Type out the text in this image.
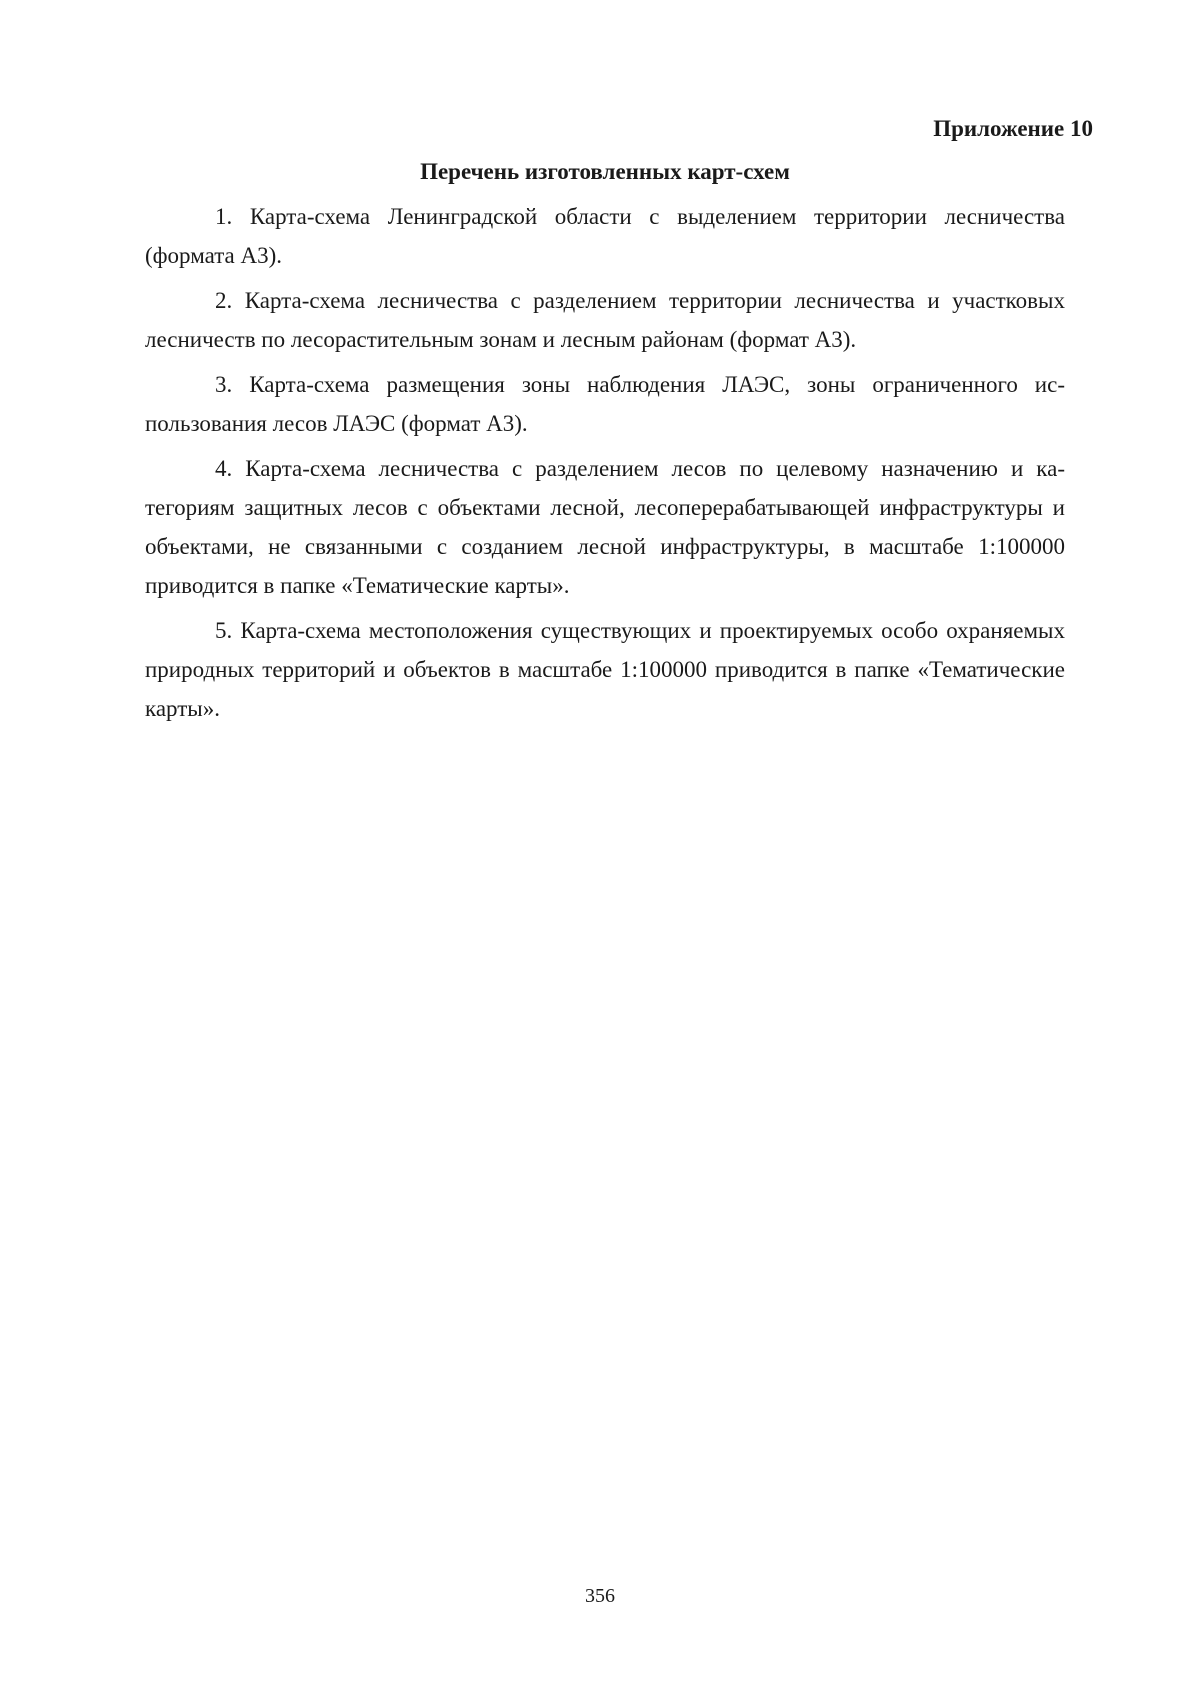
Приложение 10

Перечень изготовленных карт-схем

1. Карта-схема Ленинградской области с выделением территории лесничества (формата А3).

2. Карта-схема лесничества с разделением территории лесничества и участковых лесничеств по лесорастительным зонам и лесным районам (формат А3).

3. Карта-схема размещения зоны наблюдения ЛАЭС, зоны ограниченного использования лесов ЛАЭС (формат А3).

4. Карта-схема лесничества с разделением лесов по целевому назначению и категориям защитных лесов с объектами лесной, лесоперерабатывающей инфраструктуры и объектами, не связанными с созданием лесной инфраструктуры, в масштабе 1:100000 приводится в папке «Тематические карты».

5. Карта-схема местоположения существующих и проектируемых особо охраняемых природных территорий и объектов в масштабе 1:100000 приводится в папке «Тематические карты».

356
